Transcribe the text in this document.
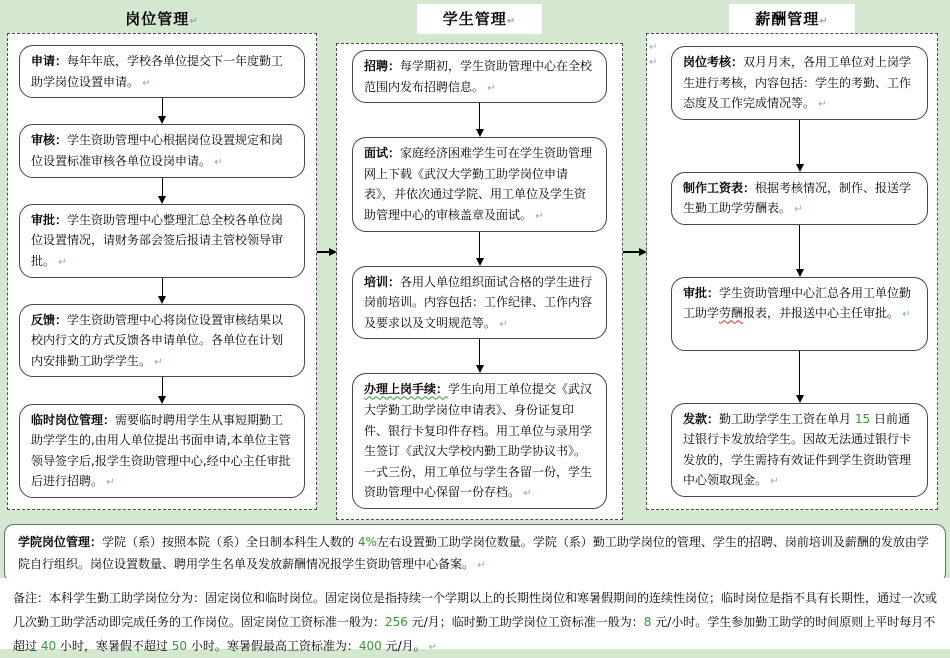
岗位管理↵	学生管理↵	薪酬管理↵
申请：每年年底，学校各单位提交下一年度勤工助学岗位设置申请。 ↵
审核：学生资助管理中心根据岗位设置规定和岗位设置标准审核各单位设岗申请。 ↵
审批：学生资助管理中心整理汇总全校各单位岗位设置情况，请财务部会签后报请主管校领导审批。 ↵
反馈：学生资助管理中心将岗位设置审核结果以校内行文的方式反馈各申请单位。各单位在计划内安排勤工助学学生。 ↵
临时岗位管理：需要临时聘用学生从事短期勤工助学学生的,由用人单位提出书面申请,本单位主管领导签字后,报学生资助管理中心,经中心主任审批后进行招聘。 ↵
招聘：每学期初，学生资助管理中心在全校范围内发布招聘信息。 ↵
面试：家庭经济困难学生可在学生资助管理网上下载《武汉大学勤工助学岗位申请表》，并依次通过学院、用工单位及学生资助管理中心的审核盖章及面试。 ↵
培训：各用人单位组织面试合格的学生进行岗前培训。内容包括：工作纪律、工作内容及要求以及文明规范等。 ↵
办理上岗手续：学生向用工单位提交《武汉大学勤工助学岗位申请表》、身份证复印件、银行卡复印件存档。用工单位与录用学生签订《武汉大学校内勤工助学协议书》。一式三份，用工单位与学生各留一份，学生资助管理中心保留一份存档。 ↵
岗位考核：双月月末，各用工单位对上岗学生进行考核，内容包括：学生的考勤、工作态度及工作完成情况等。 ↵
制作工资表：根据考核情况，制作、报送学生勤工助学劳酬表。 ↵
审批：学生资助管理中心汇总各用工单位勤工助学劳酬报表，并报送中心主任审批。 ↵
发款：勤工助学学生工资在单月 15 日前通过银行卡发放给学生。因故无法通过银行卡发放的，学生需持有效证件到学生资助管理中心领取现金。 ↵
↵
↵
学院岗位管理：学院（系）按照本院（系）全日制本科生人数的 4%左右设置勤工助学岗位数量。学院（系）勤工助学岗位的管理、学生的招聘、岗前培训及薪酬的发放由学院自行组织。岗位设置数量、聘用学生名单及发放薪酬情况报学生资助管理中心备案。 ↵
备注：本科学生勤工助学岗位分为：固定岗位和临时岗位。固定岗位是指持续一个学期以上的长期性岗位和寒暑假期间的连续性岗位；临时岗位是指不具有长期性，通过一次或几次勤工助学活动即完成任务的工作岗位。固定岗位工资标准一般为：256 元/月；临时勤工助学岗位工资标准一般为：8 元/小时。学生参加勤工助学的时间原则上平时每月不超过 40 小时，寒暑假不超过 50 小时。寒暑假最高工资标准为：400 元/月。 ↵
